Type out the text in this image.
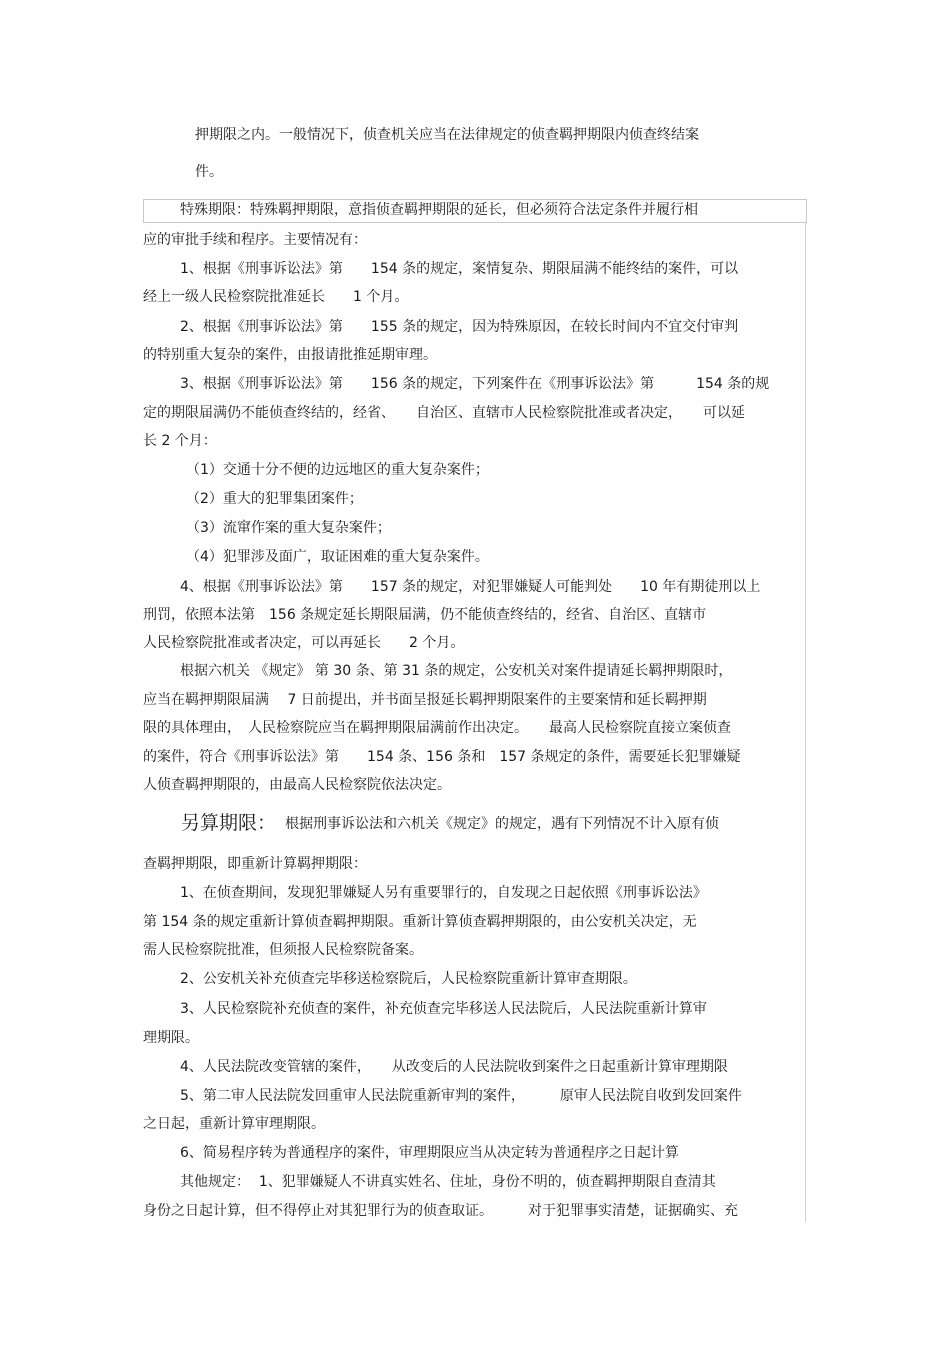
押期限之内。一般情况下，侦查机关应当在法律规定的侦查羁押期限内侦查终结案
件。
特殊期限：特殊羁押期限，意指侦查羁押期限的延长，但必须符合法定条件并履行相
应的审批手续和程序。主要情况有：
1、根据《刑事诉讼法》第　　154 条的规定，案情复杂、期限届满不能终结的案件，可以
经上一级人民检察院批准延长　　1 个月。
2、根据《刑事诉讼法》第　　155 条的规定，因为特殊原因，在较长时间内不宜交付审判
的特别重大复杂的案件，由报请批推延期审理。
3、根据《刑事诉讼法》第　　156 条的规定，下列案件在《刑事诉讼法》第　　　154 条的规
定的期限届满仍不能侦查终结的，经省、　　自治区、直辖市人民检察院批准或者决定，　　可以延
长 2 个月：
（1）交通十分不便的边远地区的重大复杂案件；
（2）重大的犯罪集团案件；
（3）流窜作案的重大复杂案件；
（4）犯罪涉及面广，取证困难的重大复杂案件。
4、根据《刑事诉讼法》第　　157 条的规定，对犯罪嫌疑人可能判处　　10 年有期徒刑以上
刑罚，依照本法第　156 条规定延长期限届满，仍不能侦查终结的，经省、自治区、直辖市
人民检察院批准或者决定，可以再延长　　2 个月。
根据六机关 《规定》 第 30 条、第 31 条的规定，公安机关对案件提请延长羁押期限时，
应当在羁押期限届满　 7 日前提出，并书面呈报延长羁押期限案件的主要案情和延长羁押期
限的具体理由，　人民检察院应当在羁押期限届满前作出决定。　　最高人民检察院直接立案侦查
的案件，符合《刑事诉讼法》第　　154 条、156 条和　157 条规定的条件，需要延长犯罪嫌疑
人侦查羁押期限的，由最高人民检察院依法决定。
另算期限： 根据刑事诉讼法和六机关《规定》的规定，遇有下列情况不计入原有侦
查羁押期限，即重新计算羁押期限：
1、在侦查期间，发现犯罪嫌疑人另有重要罪行的，自发现之日起依照《刑事诉讼法》
第 154 条的规定重新计算侦查羁押期限。重新计算侦查羁押期限的，由公安机关决定，无
需人民检察院批准，但须报人民检察院备案。
2、公安机关补充侦查完毕移送检察院后，人民检察院重新计算审查期限。
3、人民检察院补充侦查的案件，补充侦查完毕移送人民法院后，人民法院重新计算审
理期限。
4、人民法院改变管辖的案件，　　从改变后的人民法院收到案件之日起重新计算审理期限
5、第二审人民法院发回重审人民法院重新审判的案件，　　　原审人民法院自收到发回案件
之日起，重新计算审理期限。
6、简易程序转为普通程序的案件，审理期限应当从决定转为普通程序之日起计算
其他规定：  1、犯罪嫌疑人不讲真实姓名、住址，身份不明的，侦查羁押期限自查清其
身份之日起计算，但不得停止对其犯罪行为的侦查取证。　　　对于犯罪事实清楚，证据确实、充
